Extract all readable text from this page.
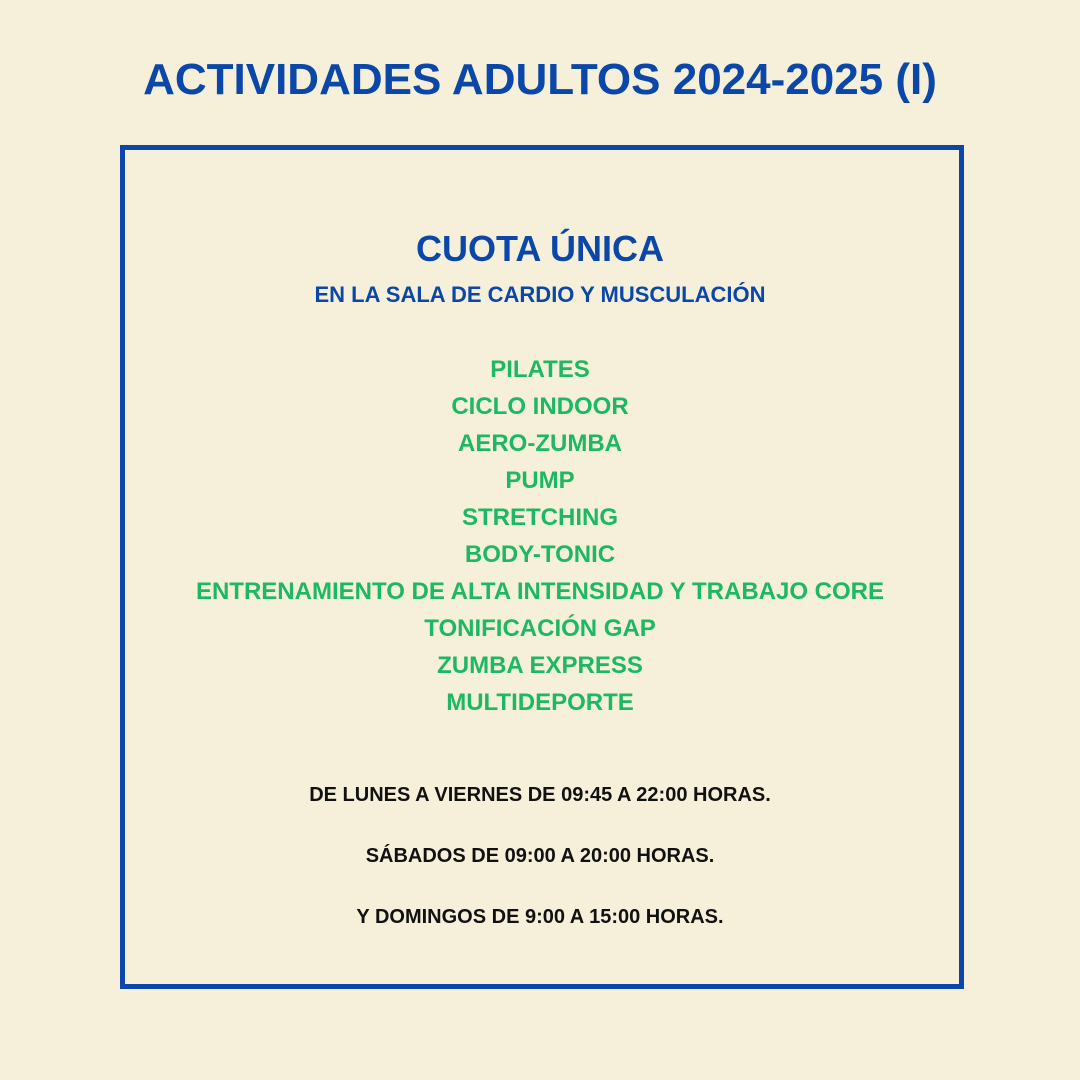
ACTIVIDADES ADULTOS 2024-2025 (I)
CUOTA ÚNICA
EN LA SALA DE CARDIO Y MUSCULACIÓN
PILATES
CICLO INDOOR
AERO-ZUMBA
PUMP
STRETCHING
BODY-TONIC
ENTRENAMIENTO DE ALTA INTENSIDAD Y TRABAJO CORE
TONIFICACIÓN GAP
ZUMBA EXPRESS
MULTIDEPORTE
DE LUNES A VIERNES DE 09:45 A 22:00 HORAS.
SÁBADOS DE 09:00 A 20:00 HORAS.
Y DOMINGOS DE 9:00 A 15:00 HORAS.
